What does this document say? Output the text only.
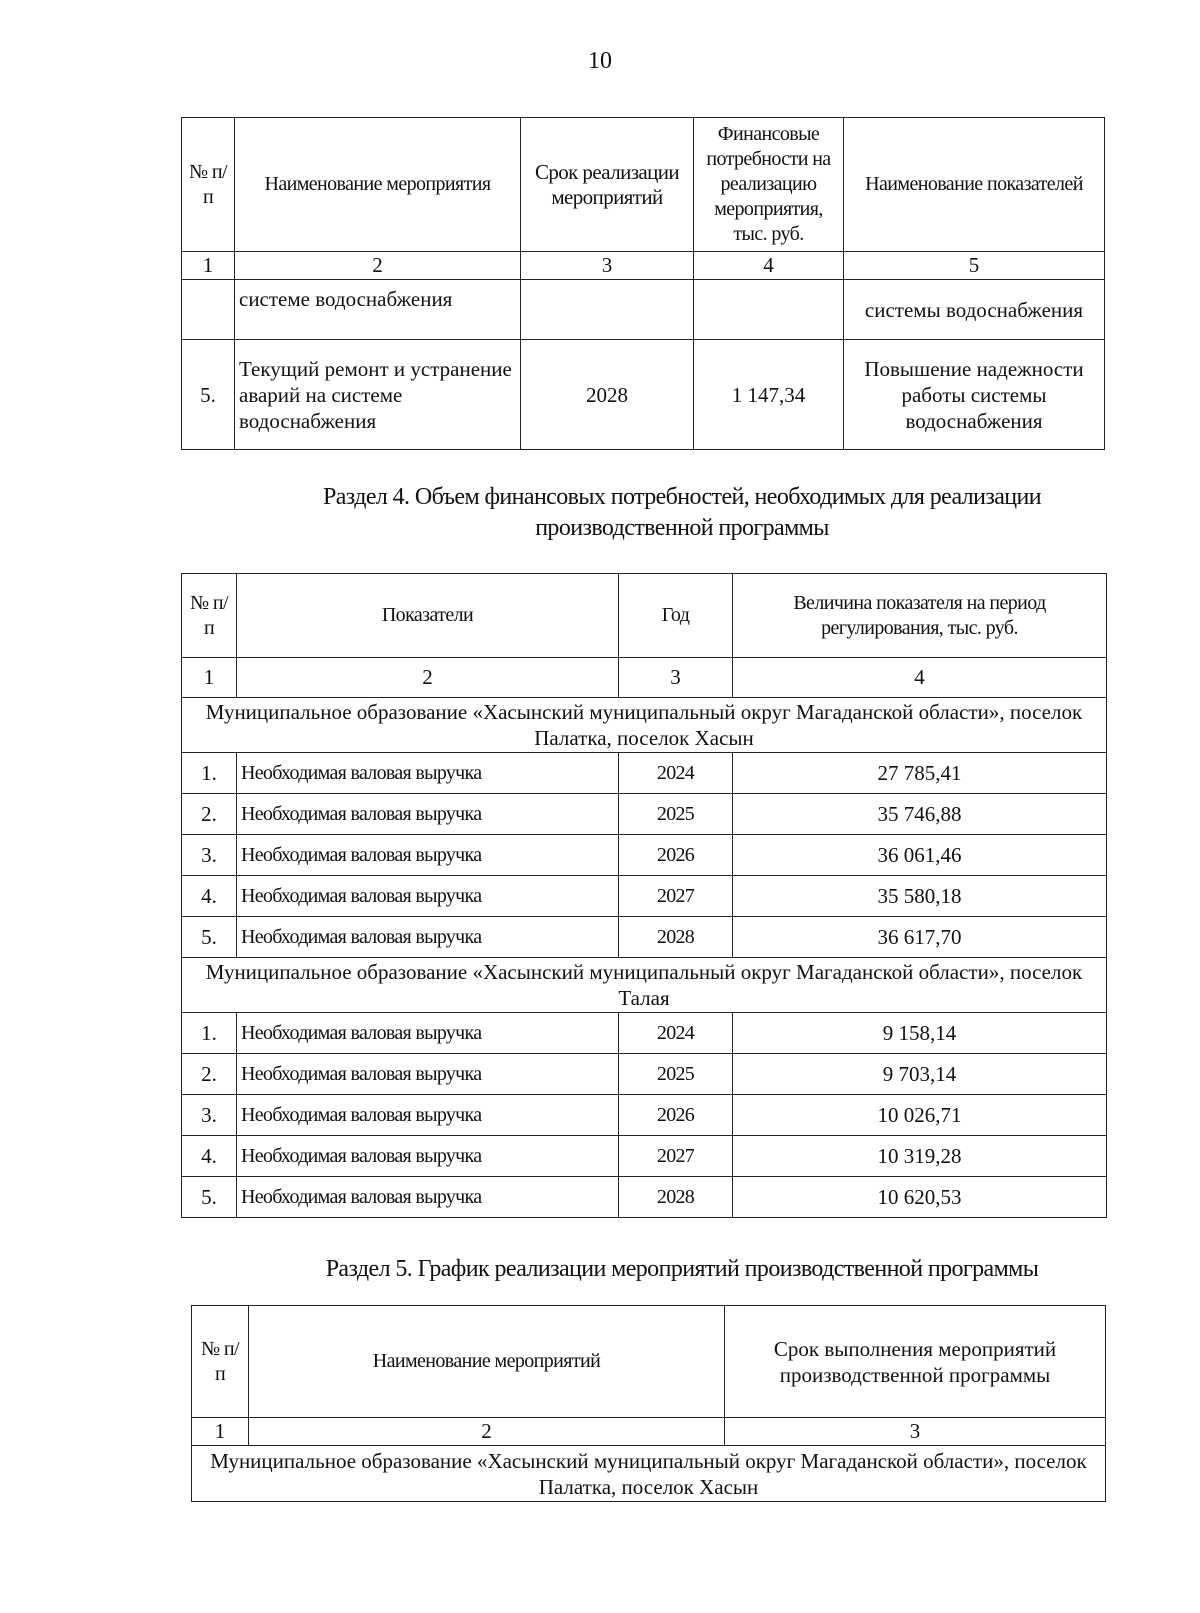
10
№ п/п	Наименование мероприятия	Срок реализации мероприятий	Финансовые потребности на реализацию мероприятия, тыс. руб.	Наименование показателей
1	2	3	4	5
	системе водоснабжения			системы водоснабжения
5.	Текущий ремонт и устранение аварий на системе водоснабжения	2028	1 147,34	Повышение надежности работы системы водоснабжения
Раздел 4. Объем финансовых потребностей, необходимых для реализации производственной программы
№ п/п	Показатели	Год	Величина показателя на период регулирования, тыс. руб.
1	2	3	4
Муниципальное образование «Хасынский муниципальный округ Магаданской области», поселок Палатка, поселок Хасын			
1.	Необходимая валовая выручка	2024	27 785,41
2.	Необходимая валовая выручка	2025	35 746,88
3.	Необходимая валовая выручка	2026	36 061,46
4.	Необходимая валовая выручка	2027	35 580,18
5.	Необходимая валовая выручка	2028	36 617,70
Муниципальное образование «Хасынский муниципальный округ Магаданской области», поселок Талая			
1.	Необходимая валовая выручка	2024	9 158,14
2.	Необходимая валовая выручка	2025	9 703,14
3.	Необходимая валовая выручка	2026	10 026,71
4.	Необходимая валовая выручка	2027	10 319,28
5.	Необходимая валовая выручка	2028	10 620,53
Раздел 5. График реализации мероприятий производственной программы
№ п/п	Наименование мероприятий	Срок выполнения мероприятий производственной программы
1	2	3
Муниципальное образование «Хасынский муниципальный округ Магаданской области», поселок Палатка, поселок Хасын		
